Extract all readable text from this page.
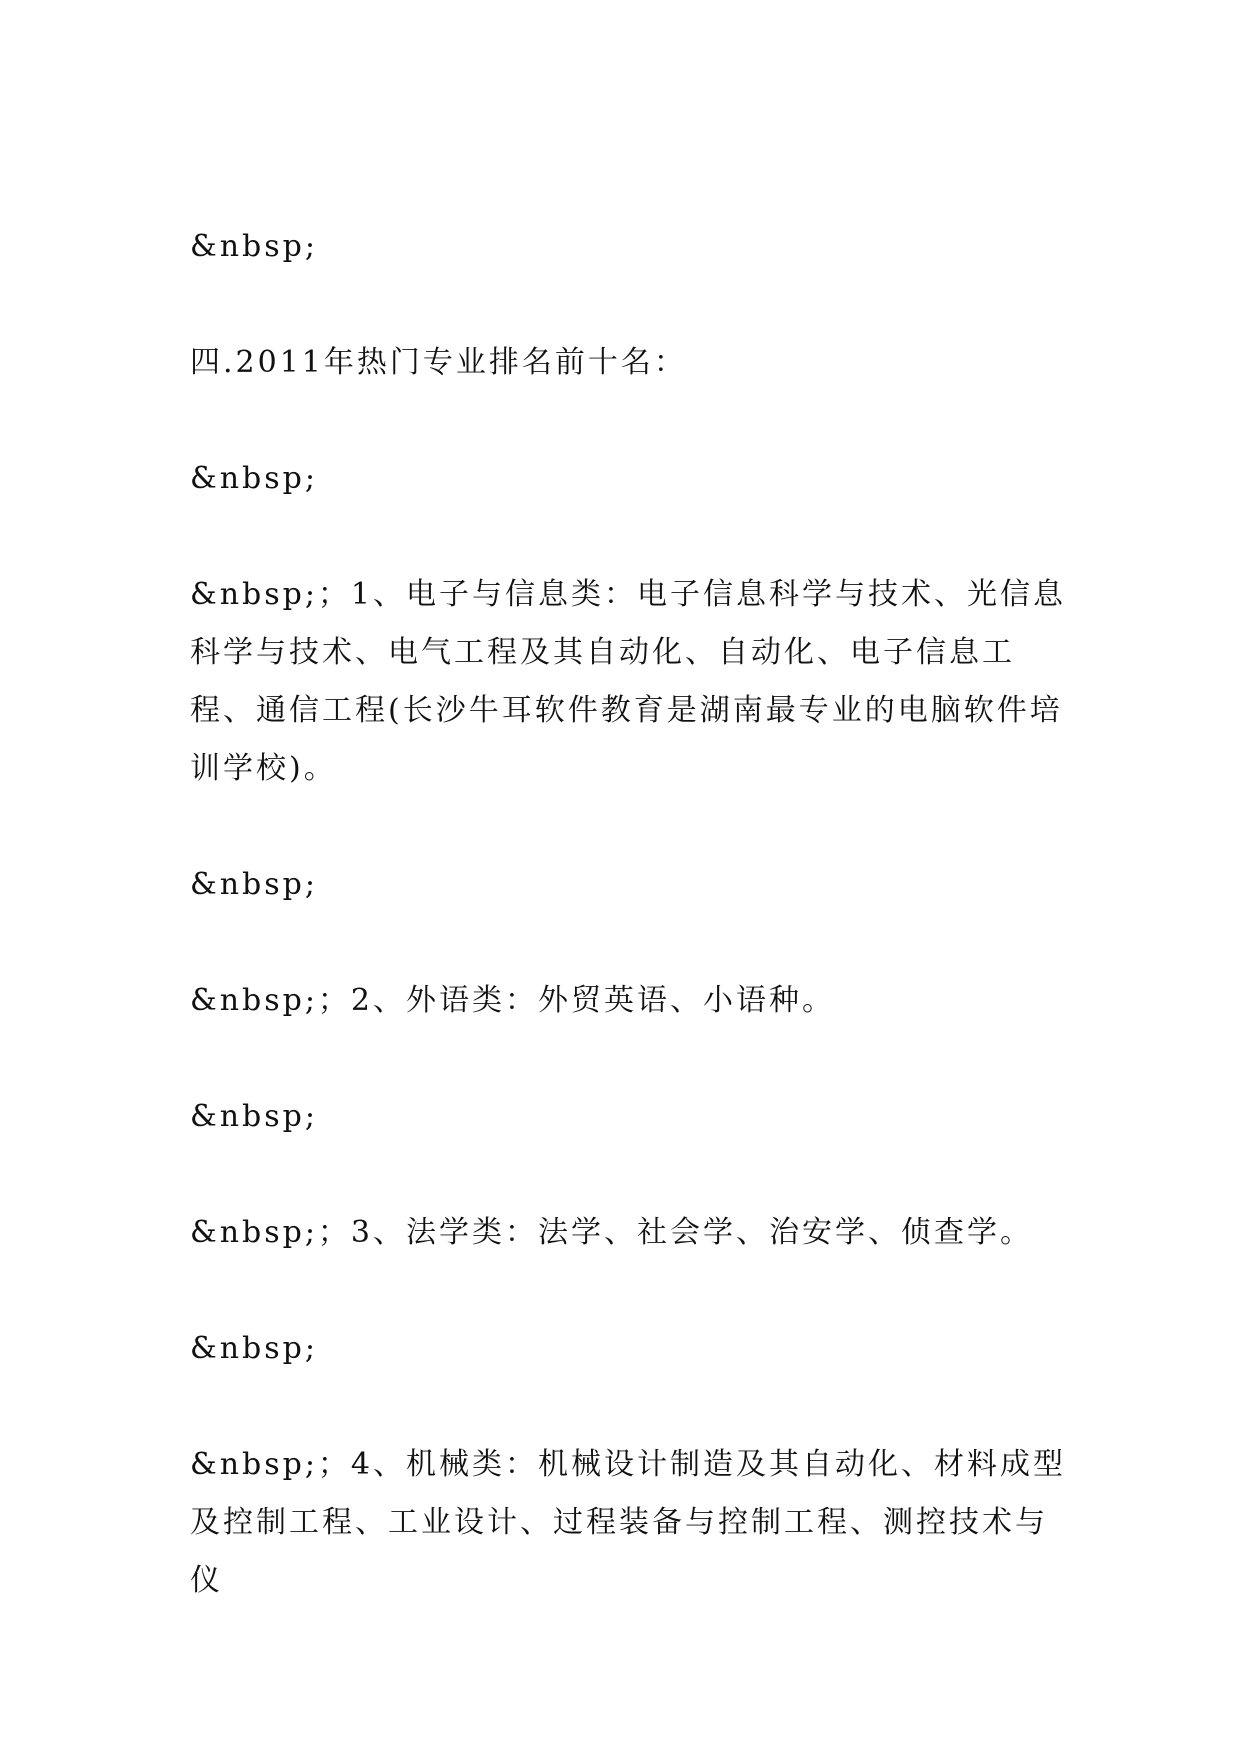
&nbsp;

四.2011年热门专业排名前十名：

&nbsp;

&nbsp;；1、电子与信息类：电子信息科学与技术、光信息科学与技术、电气工程及其自动化、自动化、电子信息工程、通信工程(长沙牛耳软件教育是湖南最专业的电脑软件培训学校)。

&nbsp;

&nbsp;；2、外语类：外贸英语、小语种。

&nbsp;

&nbsp;；3、法学类：法学、社会学、治安学、侦查学。

&nbsp;

&nbsp;；4、机械类：机械设计制造及其自动化、材料成型及控制工程、工业设计、过程装备与控制工程、测控技术与仪
